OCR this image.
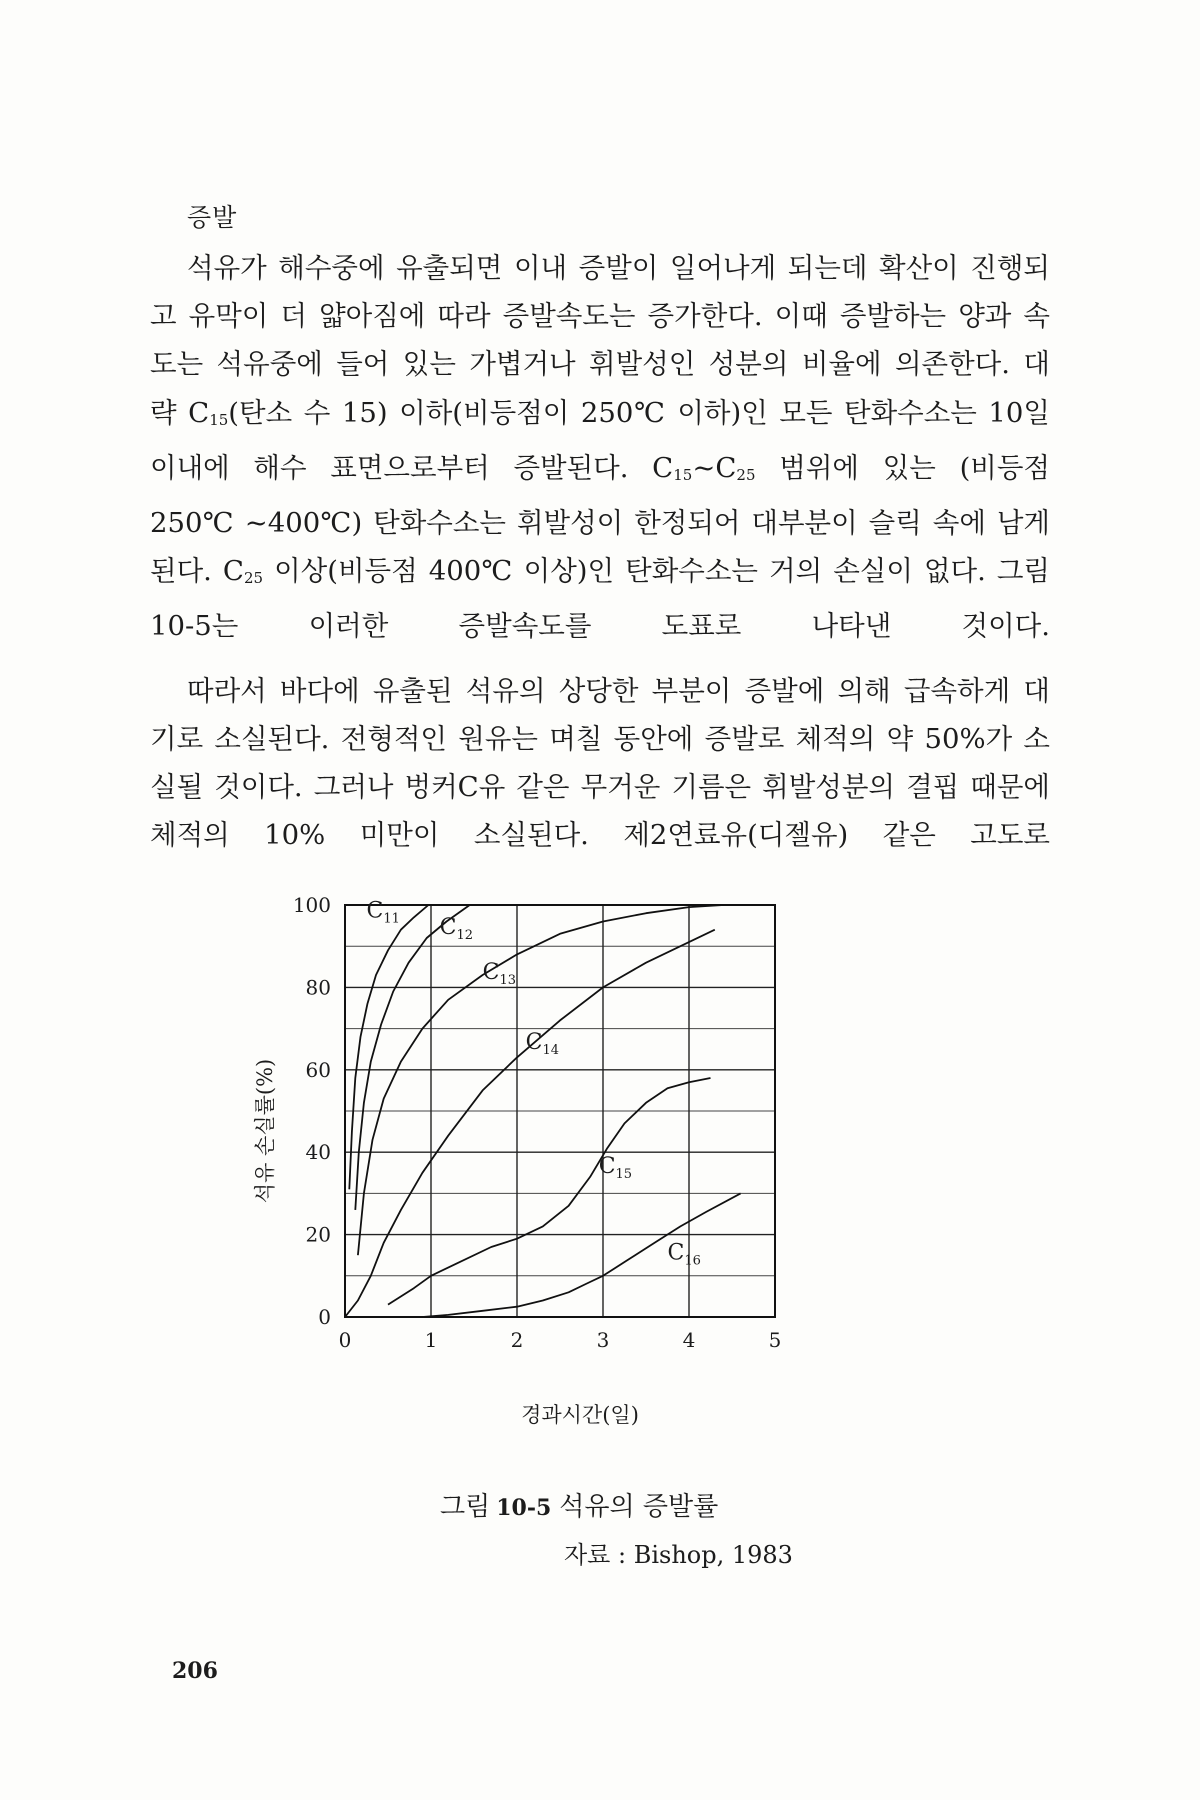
증발

석유가 해수중에 유출되면 이내 증발이 일어나게 되는데 확산이 진행되고 유막이 더 얇아짐에 따라 증발속도는 증가한다. 이때 증발하는 양과 속도는 석유중에 들어 있는 가볍거나 휘발성인 성분의 비율에 의존한다. 대략 $C_{15}$(탄소 수 15) 이하(비등점이 250℃ 이하)인 모든 탄화수소는 10일 이내에 해수 표면으로부터 증발된다. $C_{15}\sim C_{25}$ 범위에 있는 (비등점 250℃ ~400℃) 탄화수소는 휘발성이 한정되어 대부분이 슬릭 속에 남게 된다. $C_{25}$ 이상(비등점 400℃ 이상)인 탄화수소는 거의 손실이 없다. 그림 10-5는 이러한 증발속도를 도표로 나타낸 것이다.

따라서 바다에 유출된 석유의 상당한 부분이 증발에 의해 급속하게 대기로 소실된다. 전형적인 원유는 며칠 동안에 증발로 체적의 약 50%가 소실될 것이다. 그러나 벙커C유 같은 무거운 기름은 휘발성분의 결핍 때문에 체적의 10% 미만이 소실된다. 제2연료유(디젤유) 같은 고도로

0
20
40
60
80
100
0	1	2	3	4	5
$C_{11}$ $C_{12}$
$C_{13}$
$C_{14}$
$C_{15}$
$C_{16}$
경과시간(일)
석유 손실률(%)
그림 10-5 석유의 증발률
자료 : Bishop, 1983
206
